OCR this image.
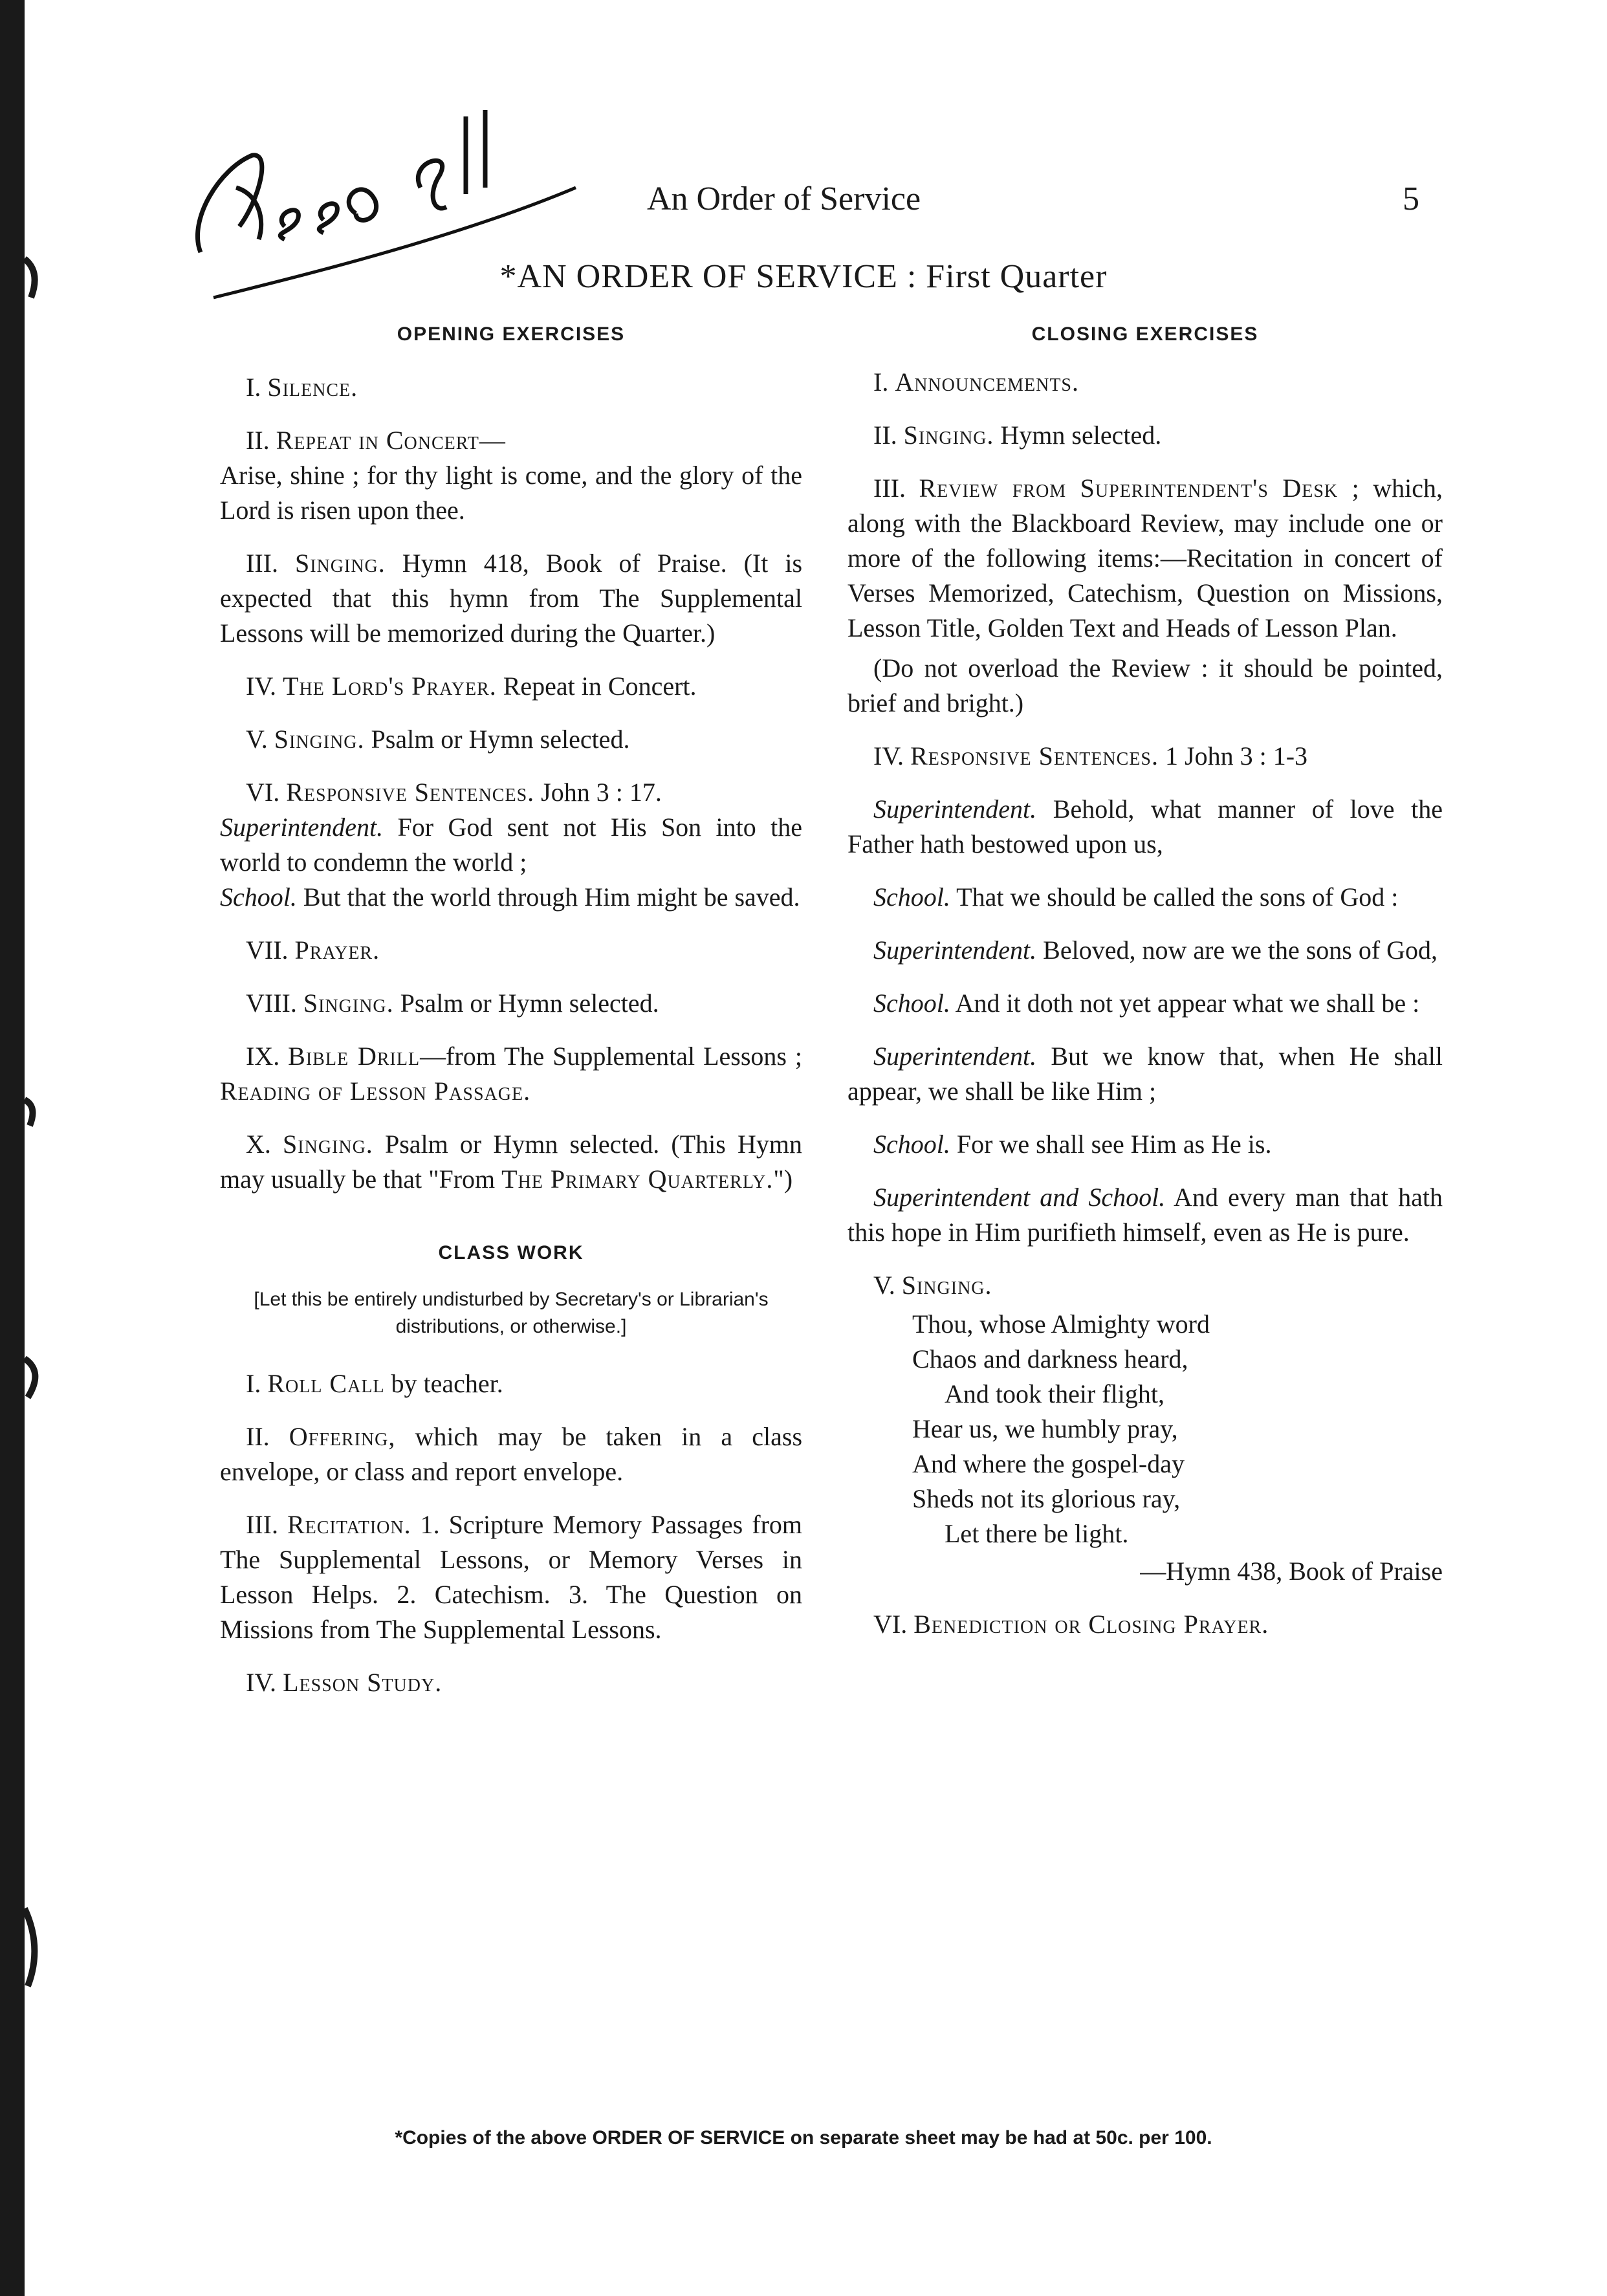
An Order of Service	5
*AN ORDER OF SERVICE : First Quarter

OPENING EXERCISES

I. Silence.

II. Repeat in Concert—
Arise, shine ; for thy light is come, and the glory of the Lord is risen upon thee.

III. Singing. Hymn 418, Book of Praise. (It is expected that this hymn from The Supplemental Lessons will be memorized during the Quarter.)

IV. The Lord's Prayer. Repeat in Concert.

V. Singing. Psalm or Hymn selected.

VI. Responsive Sentences. John 3 : 17.
Superintendent. For God sent not His Son into the world to condemn the world ;
School. But that the world through Him might be saved.

VII. Prayer.

VIII. Singing. Psalm or Hymn selected.

IX. Bible Drill—from The Supplemental Lessons ; Reading of Lesson Passage.

X. Singing. Psalm or Hymn selected. (This Hymn may usually be that "From The Primary Quarterly.")

CLASS WORK

[Let this be entirely undisturbed by Secretary's or Librarian's distributions, or otherwise.]

I. Roll Call by teacher.

II. Offering, which may be taken in a class envelope, or class and report envelope.

III. Recitation. 1. Scripture Memory Passages from The Supplemental Lessons, or Memory Verses in Lesson Helps. 2. Catechism. 3. The Question on Missions from The Supplemental Lessons.

IV. Lesson Study.

CLOSING EXERCISES

I. Announcements.

II. Singing. Hymn selected.

III. Review from Superintendent's Desk ; which, along with the Blackboard Review, may include one or more of the following items:—Recitation in concert of Verses Memorized, Catechism, Question on Missions, Lesson Title, Golden Text and Heads of Lesson Plan.

(Do not overload the Review : it should be pointed, brief and bright.)

IV. Responsive Sentences. 1 John 3 : 1-3

Superintendent. Behold, what manner of love the Father hath bestowed upon us,

School. That we should be called the sons of God :

Superintendent. Beloved, now are we the sons of God,

School. And it doth not yet appear what we shall be :

Superintendent. But we know that, when He shall appear, we shall be like Him ;

School. For we shall see Him as He is.

Superintendent and School. And every man that hath this hope in Him purifieth himself, even as He is pure.

V. Singing.

Thou, whose Almighty word
Chaos and darkness heard,
And took their flight,
Hear us, we humbly pray,
And where the gospel-day
Sheds not its glorious ray,
Let there be light.
—Hymn 438, Book of Praise

VI. Benediction or Closing Prayer.

*Copies of the above ORDER OF SERVICE on separate sheet may be had at 50c. per 100.
